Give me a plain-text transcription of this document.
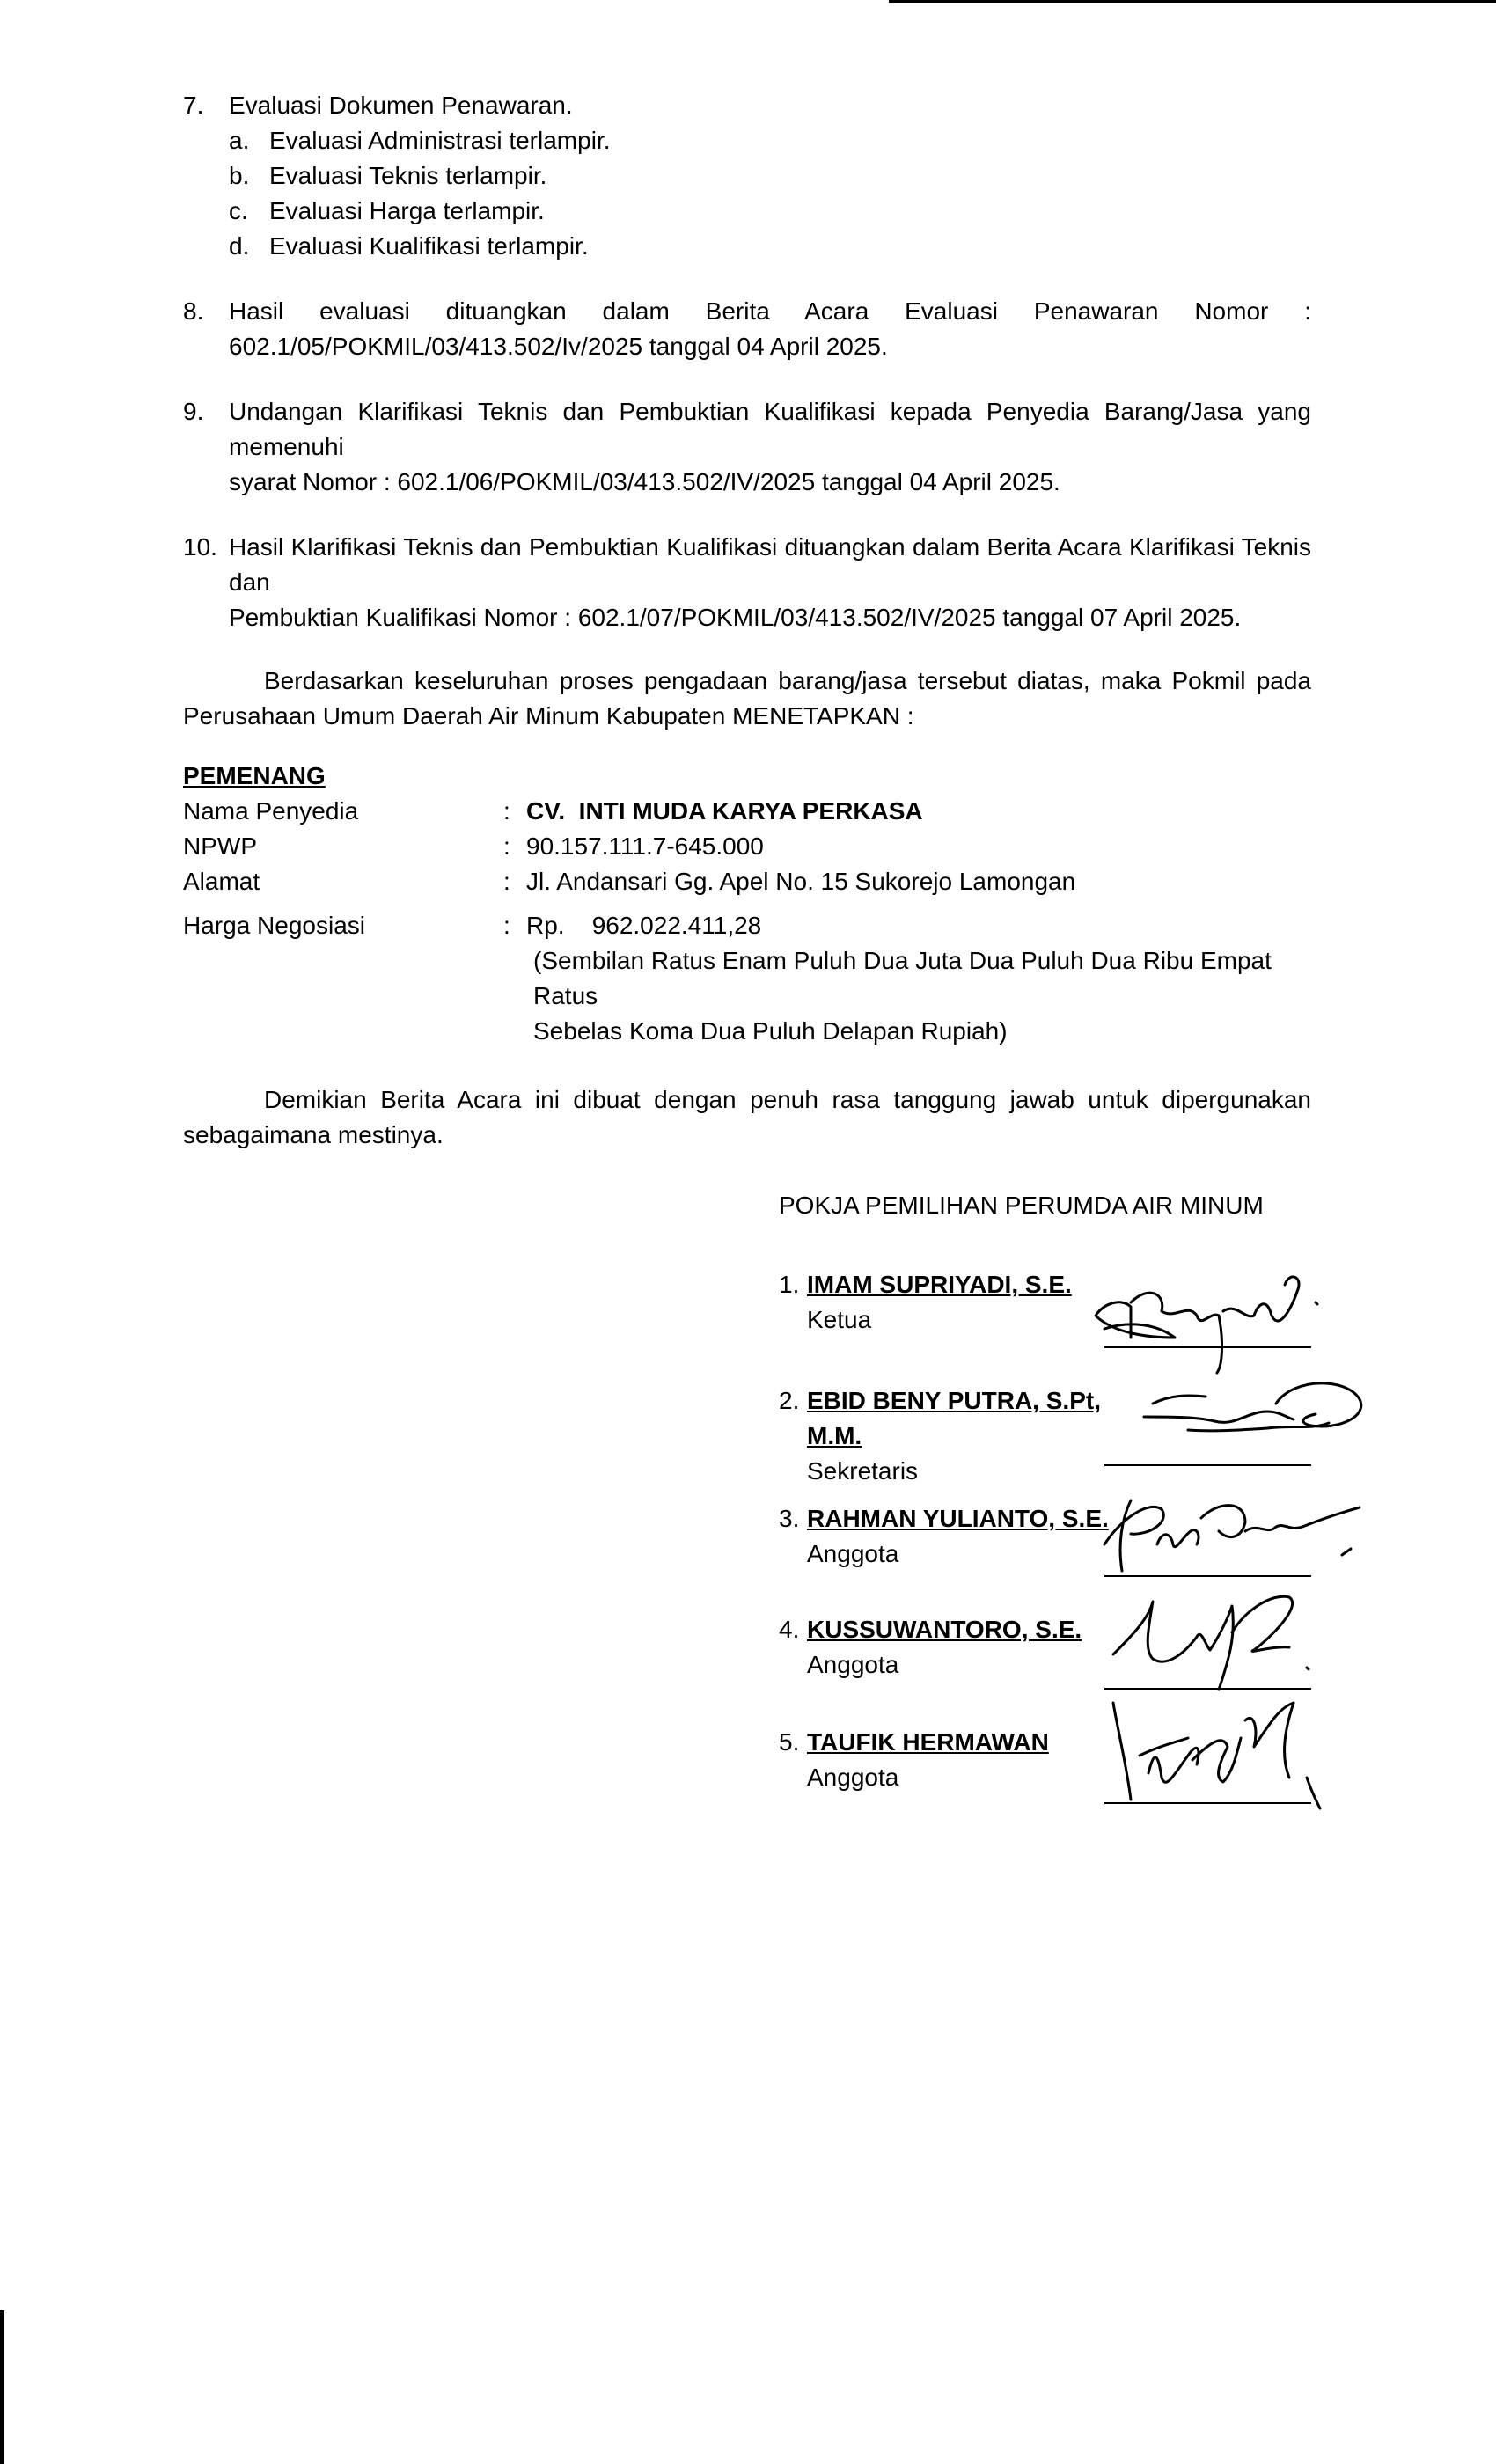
7.	Evaluasi Dokumen Penawaran.
a. Evaluasi Administrasi terlampir.
b. Evaluasi Teknis terlampir.
c. Evaluasi Harga terlampir.
d. Evaluasi Kualifikasi terlampir.
8.	Hasil evaluasi dituangkan dalam Berita Acara Evaluasi Penawaran Nomor :
602.1/05/POKMIL/03/413.502/Iv/2025 tanggal 04 April 2025.
9.	Undangan Klarifikasi Teknis dan Pembuktian Kualifikasi kepada Penyedia Barang/Jasa yang memenuhi
syarat Nomor : 602.1/06/POKMIL/03/413.502/IV/2025 tanggal 04 April 2025.
10. Hasil Klarifikasi Teknis dan Pembuktian Kualifikasi dituangkan dalam Berita Acara Klarifikasi Teknis dan
Pembuktian Kualifikasi Nomor : 602.1/07/POKMIL/03/413.502/IV/2025 tanggal 07 April 2025.
Berdasarkan keseluruhan proses pengadaan barang/jasa tersebut diatas, maka Pokmil pada Perusahaan Umum Daerah Air Minum Kabupaten MENETAPKAN :
PEMENANG
Nama Penyedia	: CV.  INTI MUDA KARYA PERKASA
NPWP	: 90.157.111.7-645.000
Alamat	: Jl. Andansari Gg. Apel No. 15 Sukorejo Lamongan
Harga Negosiasi	: Rp.    962.022.411,28
(Sembilan Ratus Enam Puluh Dua Juta Dua Puluh Dua Ribu Empat Ratus
Sebelas Koma Dua Puluh Delapan Rupiah)
Demikian Berita Acara ini dibuat dengan penuh rasa tanggung jawab untuk dipergunakan sebagaimana mestinya.
POKJA PEMILIHAN PERUMDA AIR MINUM
1. IMAM SUPRIYADI, S.E.
Ketua
2. EBID BENY PUTRA, S.Pt, M.M.
Sekretaris
3. RAHMAN YULIANTO, S.E.
Anggota
4. KUSSUWANTORO, S.E.
Anggota
5. TAUFIK HERMAWAN
Anggota
